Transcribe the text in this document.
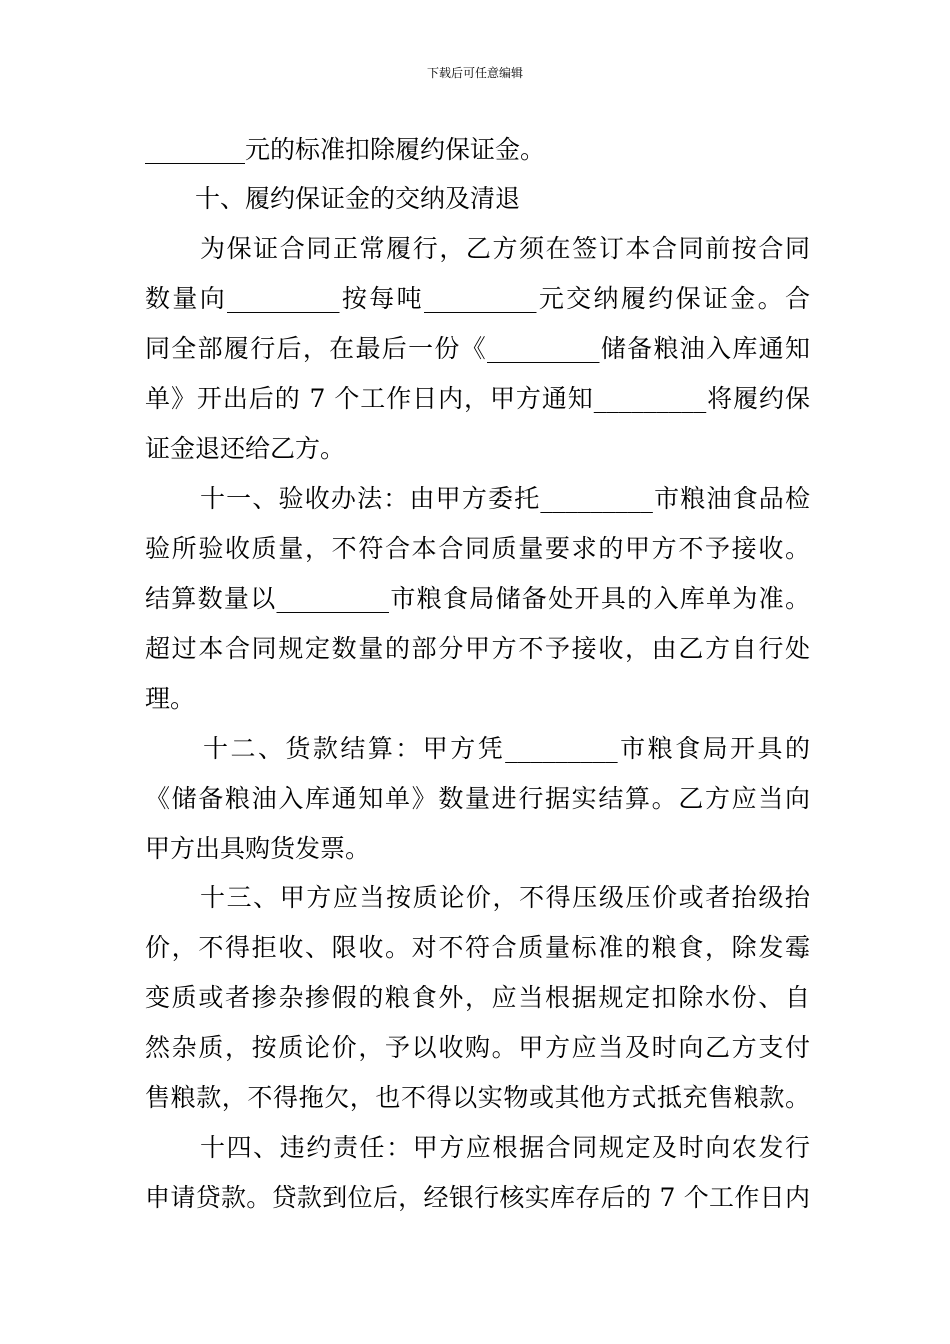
下载后可任意编辑
________元的标准扣除履约保证金。
十、履约保证金的交纳及清退
为保证合同正常履行，乙方须在签订本合同前按合同
数量向_________按每吨_________元交纳履约保证金。合
同全部履行后，在最后一份《_________储备粮油入库通知
单》开出后的 7 个工作日内，甲方通知_________将履约保
证金退还给乙方。
十一、验收办法：由甲方委托_________市粮油食品检
验所验收质量，不符合本合同质量要求的甲方不予接收。
结算数量以_________市粮食局储备处开具的入库单为准。
超过本合同规定数量的部分甲方不予接收，由乙方自行处
理。
十二、货款结算：甲方凭_________市粮食局开具的
《储备粮油入库通知单》数量进行据实结算。乙方应当向
甲方出具购货发票。
十三、甲方应当按质论价，不得压级压价或者抬级抬
价，不得拒收、限收。对不符合质量标准的粮食，除发霉
变质或者掺杂掺假的粮食外，应当根据规定扣除水份、自
然杂质，按质论价，予以收购。甲方应当及时向乙方支付
售粮款，不得拖欠，也不得以实物或其他方式抵充售粮款。
十四、违约责任：甲方应根据合同规定及时向农发行
申请贷款。贷款到位后，经银行核实库存后的 7 个工作日内
